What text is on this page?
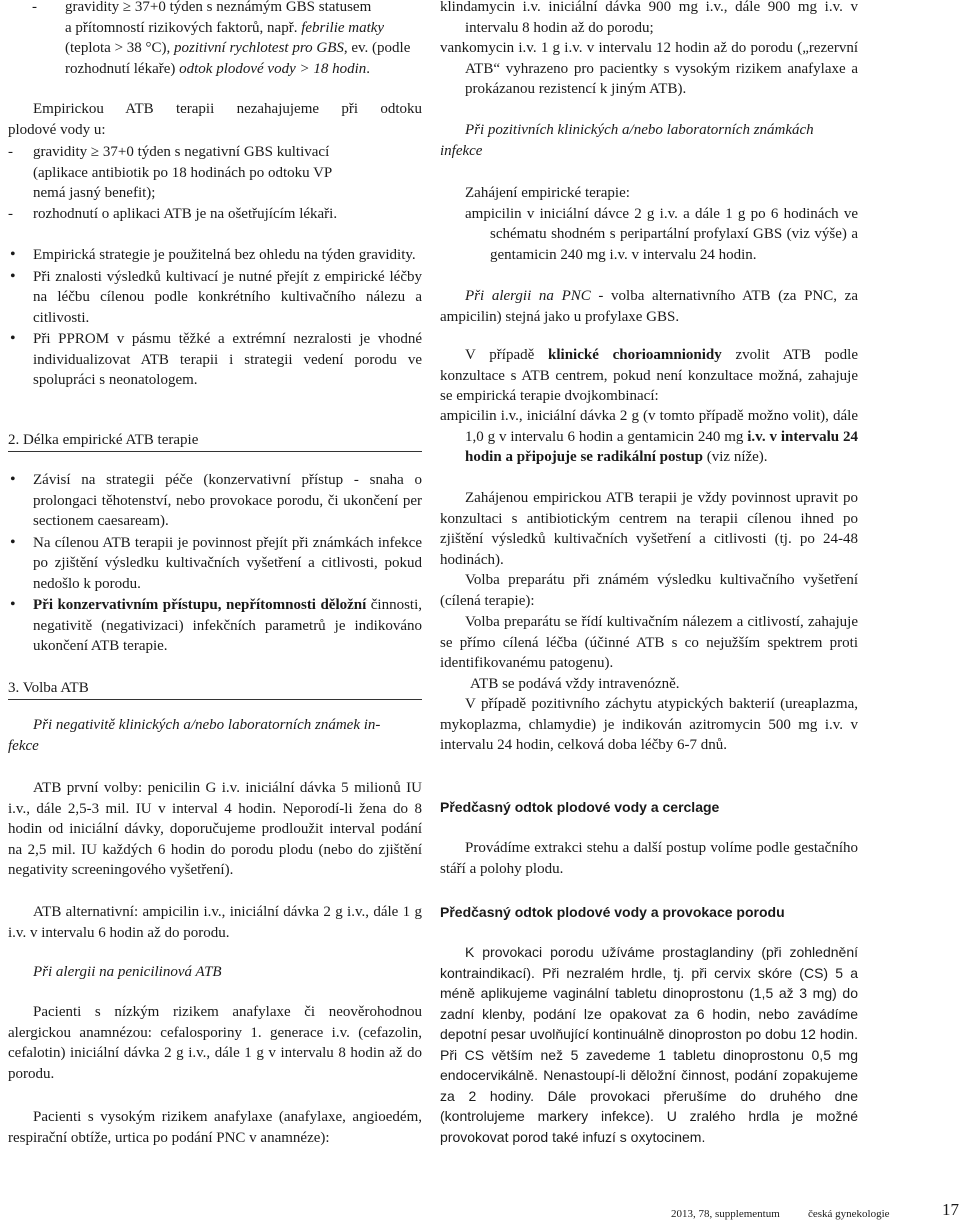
- gravidity ≥ 37+0 týden s neznámým GBS statusem
a přítomností rizikových faktorů, např. febrilie matky
(teplota > 38 °C), pozitivní rychlotest pro GBS, ev. (podle
rozhodnutí lékaře) odtok plodové vody > 18 hodin.
Empirickou ATB terapii nezahajujeme při odtoku
plodové vody u:
- gravidity ≥ 37+0 týden s negativní GBS kultivací
(aplikace antibiotik po 18 hodinách po odtoku VP
nemá jasný benefit);
- rozhodnutí o aplikaci ATB je na ošetřujícím lékaři.

• Empirická strategie je použitelná bez ohledu na týden gravidity.

• Při znalosti výsledků kultivací je nutné přejít z empirické léčby na léčbu cílenou podle konkrétního kultivačního nálezu a citlivosti.

• Při PPROM v pásmu těžké a extrémní nezralosti je vhodné individualizovat ATB terapii i strategii vedení porodu ve spolupráci s neonatologem.

2. Délka empirické ATB terapie

• Závisí na strategii péče (konzervativní přístup - snaha o prolongaci těhotenství, nebo provokace porodu, či ukončení per sectionem caesaream).

• Na cílenou ATB terapii je povinnost přejít při známkách infekce po zjištění výsledku kultivačních vyšetření a citlivosti, pokud nedošlo k porodu.

• Při konzervativním přístupu, nepřítomnosti děložní činnosti, negativitě (negativizaci) infekčních parametrů je indikováno ukončení ATB terapie.

3. Volba ATB
Při negativitě klinických a/nebo laboratorních známek in-
fekce

ATB první volby: penicilin G i.v. iniciální dávka 5 milionů IU i.v., dále 2,5-3 mil. IU v interval 4 hodin. Neporodí-li žena do 8 hodin od iniciální dávky, doporučujeme prodloužit interval podání na 2,5 mil. IU každých 6 hodin do porodu plodu (nebo do zjištění negativity screeningového vyšetření).

ATB alternativní: ampicilin i.v., iniciální dávka 2 g i.v., dále 1 g i.v. v intervalu 6 hodin až do porodu.

Při alergii na penicilinová ATB

Pacienti s nízkým rizikem anafylaxe či neověrohodnou alergickou anamnézou: cefalosporiny 1. generace i.v. (cefazolin, cefalotin) iniciální dávka 2 g i.v., dále 1 g v intervalu 8 hodin až do porodu.

Pacienti s vysokým rizikem anafylaxe (anafylaxe, angioedém, respirační obtíže, urtica po podání PNC v anamnéze):

klindamycin i.v. iniciální dávka 900 mg i.v., dále 900 mg i.v. v intervalu 8 hodin až do porodu;

vankomycin i.v. 1 g i.v. v intervalu 12 hodin až do porodu („rezervní ATB“ vyhrazeno pro pacientky s vysokým rizikem anafylaxe a prokázanou rezistencí k jiným ATB).

Při pozitivních klinických a/nebo laboratorních známkách
infekce
Zahájení empirické terapie:

ampicilin v iniciální dávce 2 g i.v. a dále 1 g po 6 hodinách ve schématu shodném s peripartální profylaxí GBS (viz výše) a gentamicin 240 mg i.v. v intervalu 24 hodin.

Při alergii na PNC - volba alternativního ATB (za PNC, za ampicilin) stejná jako u profylaxe GBS.

V případě klinické chorioamnionidy zvolit ATB podle konzultace s ATB centrem, pokud není konzultace možná, zahajuje se empirická terapie dvojkombinací:

ampicilin i.v., iniciální dávka 2 g (v tomto případě možno volit), dále 1,0 g v intervalu 6 hodin a gentamicin 240 mg i.v. v intervalu 24 hodin a připojuje se radikální postup (viz níže).

Zahájenou empirickou ATB terapii je vždy povinnost upravit po konzultaci s antibiotickým centrem na terapii cílenou ihned po zjištění výsledků kultivačních vyšetření a citlivosti (tj. po 24-48 hodinách).

Volba preparátu při známém výsledku kultivačního vyšetření (cílená terapie):

Volba preparátu se řídí kultivačním nálezem a citlivostí, zahajuje se přímo cílená léčba (účinné ATB s co nejužším spektrem proti identifikovanému patogenu).

ATB se podává vždy intravenózně.

V případě pozitivního záchytu atypických bakterií (ureaplazma, mykoplazma, chlamydie) je indikován azitromycin 500 mg i.v. v intervalu 24 hodin, celková doba léčby 6-7 dnů.

Předčasný odtok plodové vody a cerclage

Provádíme extrakci stehu a další postup volíme podle gestačního stáří a polohy plodu.

Předčasný odtok plodové vody a provokace porodu

K provokaci porodu užíváme prostaglandiny (při zohlednění kontraindikací). Při nezralém hrdle, tj. při cervix skóre (CS) 5 a méně aplikujeme vaginální tabletu dinoprostonu (1,5 až 3 mg) do zadní klenby, podání lze opakovat za 6 hodin, nebo zavádíme depotní pesar uvolňující kontinuálně dinoproston po dobu 12 hodin. Při CS větším než 5 zavedeme 1 tabletu dinoprostonu 0,5 mg endocervikálně. Nenastoupí-li děložní činnost, podání zopakujeme za 2 hodiny. Dále provokaci přerušíme do druhého dne (kontrolujeme markery infekce). U zralého hrdla je možné provokovat porod také infuzí s oxytocinem.

2013, 78, supplementum	česká gynekologie	17
